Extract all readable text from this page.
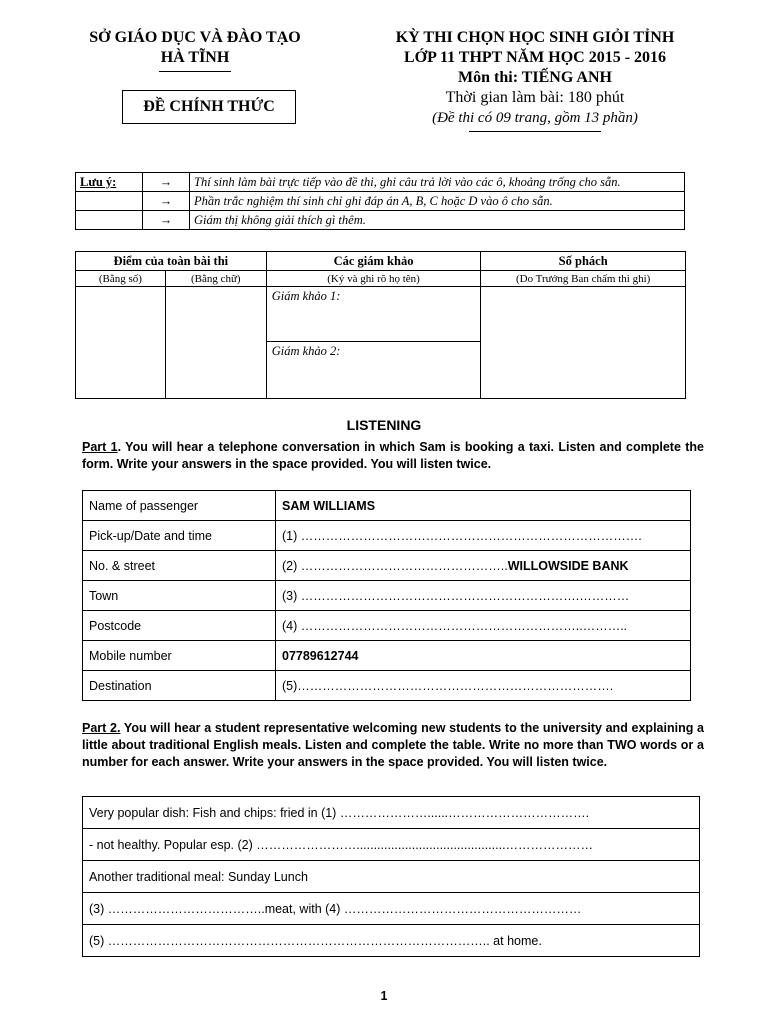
SỞ GIÁO DỤC VÀ ĐÀO TẠO
HÀ TĨNH
ĐỀ CHÍNH THỨC
KỲ THI CHỌN HỌC SINH GIỎI TỈNH
LỚP 11 THPT NĂM HỌC 2015 - 2016
Môn thi: TIẾNG ANH
Thời gian làm bài: 180 phút
(Đề thi có 09 trang, gồm 13 phần)
Lưu ý:	→	Thí sinh làm bài trực tiếp vào đề thi, ghi câu trả lời vào các ô, khoảng trống cho sẵn.
	→	Phần trắc nghiệm thí sinh chỉ ghi đáp án A, B, C hoặc D vào ô cho sẵn.
	→	Giám thị không giải thích gì thêm.
Điểm của toàn bài thi		Các giám khảo	Số phách
(Bằng số)	(Bằng chữ)	(Ký và ghi rõ họ tên)	(Do Trưởng Ban chấm thi ghi)
		Giám khảo 1:	
		Giám khảo 2:	
LISTENING
Part 1. You will hear a telephone conversation in which Sam is booking a taxi. Listen and complete the form. Write your answers in the space provided. You will listen twice.
Name of passenger	SAM WILLIAMS
Pick-up/Date and time	(1) ……………………………………………………………………….
No. & street	(2) …………………………………………..WILLOWSIDE BANK
Town	(3) ………………………………………………………….…………
Postcode	(4) …………………………………………………………..………..
Mobile number	07789612744
Destination	(5)………………………………………………………………….
Part 2. You will hear a student representative welcoming new students to the university and explaining a little about traditional English meals. Listen and complete the table. Write no more than TWO words or a number for each answer. Write your answers in the space provided. You will listen twice.
Very popular dish: Fish and chips: fried in (1) …………………......…………………………….
- not healthy. Popular esp. (2) ……………………...........................................…………………
Another traditional meal: Sunday Lunch
(3) ………………………………..meat, with (4) …………………………………………………
(5) ……………………………………………………………………………….. at home.
1
